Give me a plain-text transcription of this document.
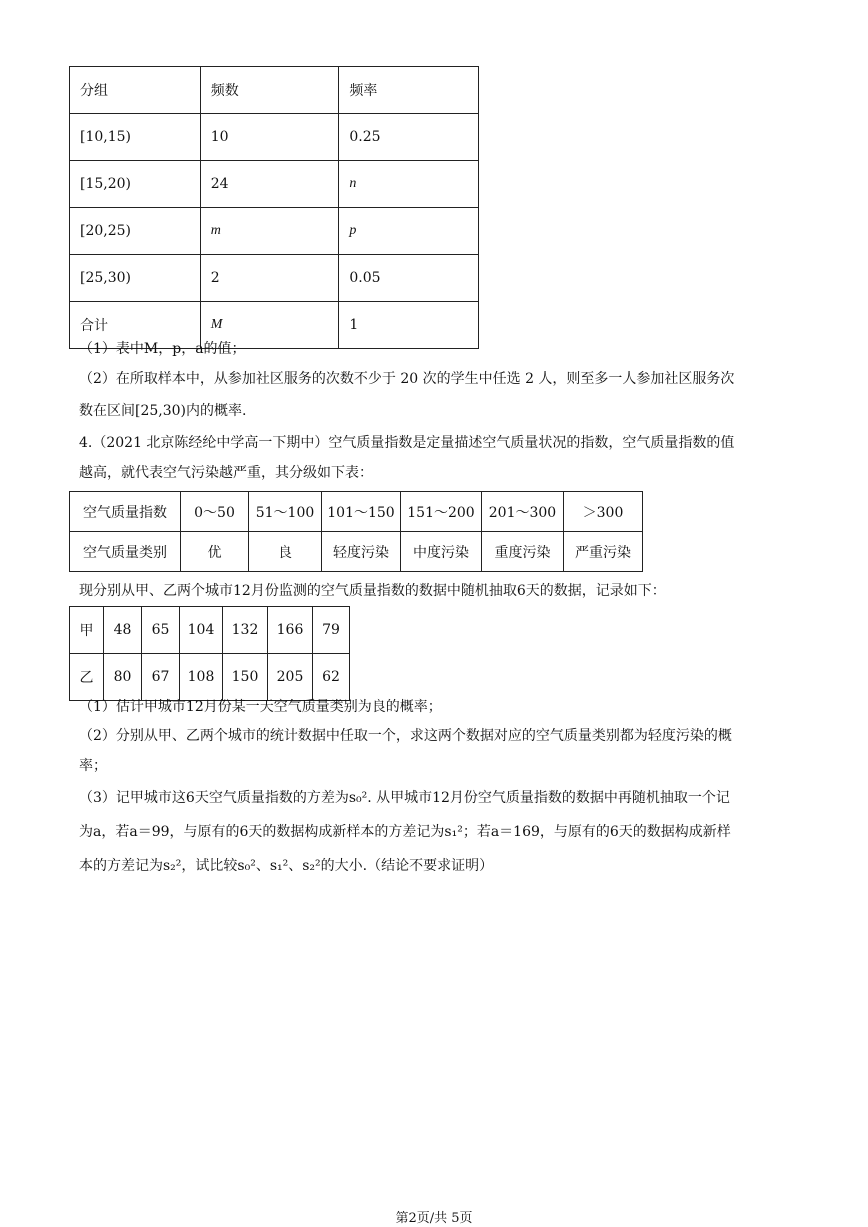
分组	频数	频率
[10,15)	10	0.25
[15,20)	24	n
[20,25)	m	p
[25,30)	2	0.05
合计	M	1
（1）表中M，p，a的值；
（2）在所取样本中，从参加社区服务的次数不少于 20 次的学生中任选 2 人，则至多一人参加社区服务次
数在区间[25,30)内的概率.
4.（2021 北京陈经纶中学高一下期中）空气质量指数是定量描述空气质量状况的指数，空气质量指数的值
越高，就代表空气污染越严重，其分级如下表：
空气质量指数	0～50	51～100	101～150	151～200	201～300	＞300
空气质量类别	优	良	轻度污染	中度污染	重度污染	严重污染
现分别从甲、乙两个城市12月份监测的空气质量指数的数据中随机抽取6天的数据，记录如下：
甲	48	65	104	132	166	79
乙	80	67	108	150	205	62
（1）估计甲城市12月份某一天空气质量类别为良的概率；
（2）分别从甲、乙两个城市的统计数据中任取一个，求这两个数据对应的空气质量类别都为轻度污染的概
率；
（3）记甲城市这6天空气质量指数的方差为s₀². 从甲城市12月份空气质量指数的数据中再随机抽取一个记
为a，若a＝99，与原有的6天的数据构成新样本的方差记为s₁²；若a＝169，与原有的6天的数据构成新样
本的方差记为s₂²，试比较s₀²、s₁²、s₂²的大小.（结论不要求证明）
第2页/共 5页
